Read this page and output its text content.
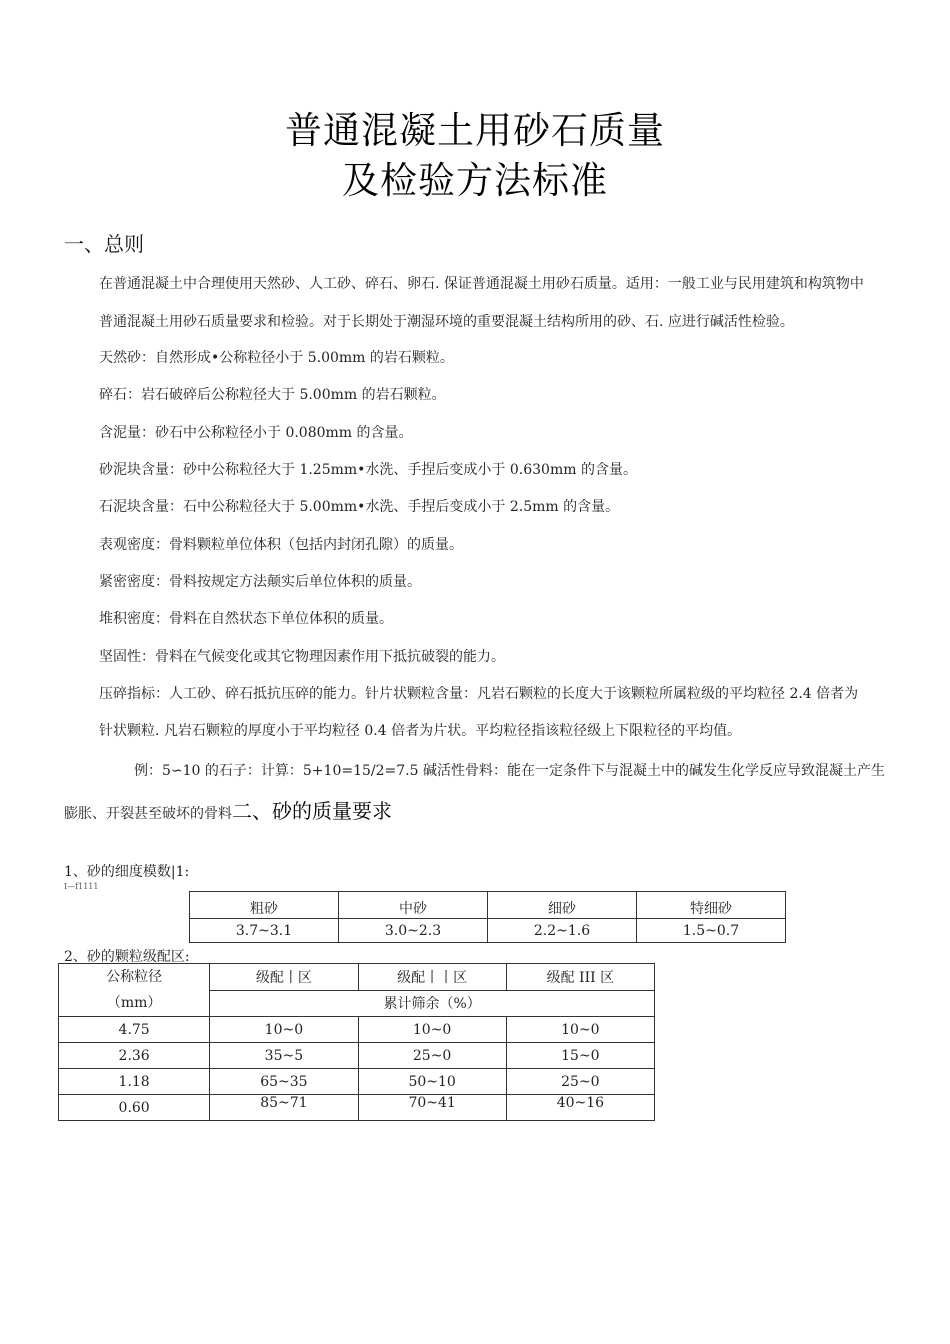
普通混凝土用砂石质量
及检验方法标准
一、总则
在普通混凝土中合理使用天然砂、人工砂、碎石、卵石. 保证普通混凝土用砂石质量。适用：一般工业与民用建筑和构筑物中
普通混凝土用砂石质量要求和检验。对于长期处于潮湿环境的重要混凝土结构所用的砂、石. 应进行碱活性检验。
天然砂：自然形成•公称粒径小于 5.00mm 的岩石颗粒。
碎石：岩石破碎后公称粒径大于 5.00mm 的岩石颗粒。
含泥量：砂石中公称粒径小于 0.080mm 的含量。
砂泥块含量：砂中公称粒径大于 1.25mm•水洗、手捏后变成小于 0.630mm 的含量。
石泥块含量：石中公称粒径大于 5.00mm•水洗、手捏后变成小于 2.5mm 的含量。
表观密度：骨料颗粒单位体积（包括内封闭孔隙）的质量。
紧密密度：骨料按规定方法颠实后单位体积的质量。
堆积密度：骨料在自然状态下单位体积的质量。
坚固性：骨料在气候变化或其它物理因素作用下抵抗破裂的能力。
压碎指标：人工砂、碎石抵抗压碎的能力。针片状颗粒含量：凡岩石颗粒的长度大于该颗粒所属粒级的平均粒径 2.4 倍者为
针状颗粒. 凡岩石颗粒的厚度小于平均粒径 0.4 倍者为片状。平均粒径指该粒径级上下限粒径的平均值。
例：5∽10 的石子：计算：5+10=15/2=7.5 碱活性骨料：能在一定条件下与混凝土中的碱发生化学反应导致混凝土产生
膨胀、开裂甚至破坏的骨料二、砂的质量要求
1、砂的细度模数|1:
I—f1111
粗砂	中砂	细砂	特细砂
3.7~3.1	3.0~2.3	2.2~1.6	1.5~0.7
2、砂的颗粒级配区:
公称粒径
（mm）	级配丨区	级配丨丨区	级配 III 区
	累计筛余（%）		
4.75	10~0	10~0	10~0
2.36	35~5	25~0	15~0
1.18	65~35	50~10	25~0
0.60	85~71	70~41	40~16
